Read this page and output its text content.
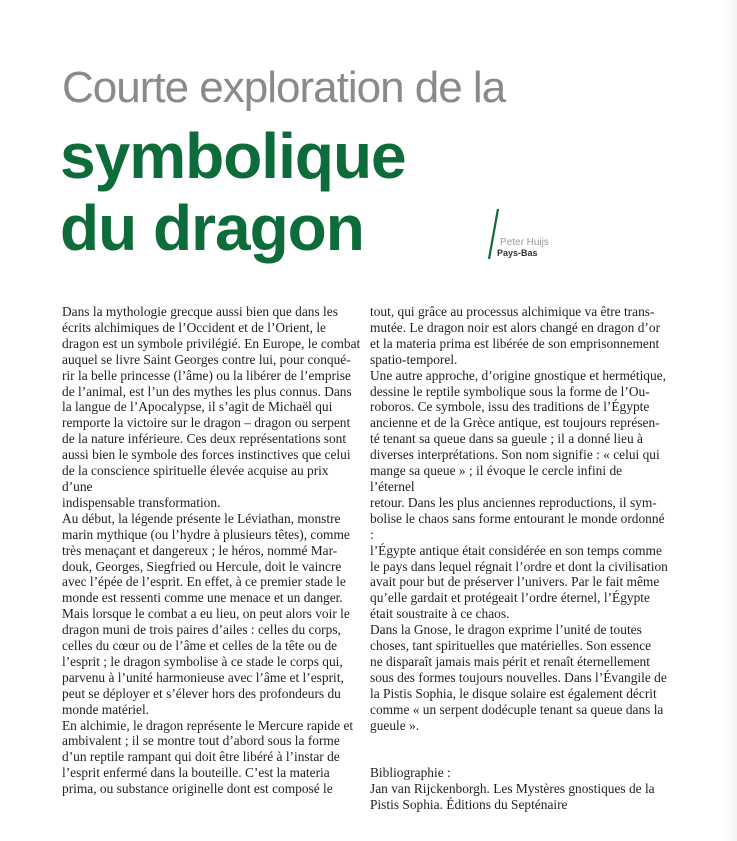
Courte exploration de la
symbolique
du dragon	Peter Huijs
Pays-Bas

Dans la mythologie grecque aussi bien que dans les
écrits alchimiques de l’Occident et de l’Orient, le
dragon est un symbole privilégié. En Europe, le combat
auquel se livre Saint Georges contre lui, pour conqué-
rir la belle princesse (l’âme) ou la libérer de l’emprise
de l’animal, est l’un des mythes les plus connus. Dans
la langue de l’Apocalypse, il s’agit de Michaël qui
remporte la victoire sur le dragon – dragon ou serpent
de la nature inférieure. Ces deux représentations sont
aussi bien le symbole des forces instinctives que celui
de la conscience spirituelle élevée acquise au prix d’une
indispensable transformation.

Au début, la légende présente le Léviathan, monstre
marin mythique (ou l’hydre à plusieurs têtes), comme
très menaçant et dangereux ; le héros, nommé Mar-
douk, Georges, Siegfried ou Hercule, doit le vaincre
avec l’épée de l’esprit. En effet, à ce premier stade le
monde est ressenti comme une menace et un danger.

Mais lorsque le combat a eu lieu, on peut alors voir le
dragon muni de trois paires d’ailes : celles du corps,
celles du cœur ou de l’âme et celles de la tête ou de
l’esprit ; le dragon symbolise à ce stade le corps qui,
parvenu à l’unité harmonieuse avec l’âme et l’esprit,
peut se déployer et s’élever hors des profondeurs du
monde matériel.

En alchimie, le dragon représente le Mercure rapide et
ambivalent ; il se montre tout d’abord sous la forme
d’un reptile rampant qui doit être libéré à l’instar de
l’esprit enfermé dans la bouteille. C’est la materia
prima, ou substance originelle dont est composé le

tout, qui grâce au processus alchimique va être trans-
mutée. Le dragon noir est alors changé en dragon d’or
et la materia prima est libérée de son emprisonnement
spatio-temporel.

Une autre approche, d’origine gnostique et hermétique,
dessine le reptile symbolique sous la forme de l’Ou-
roboros. Ce symbole, issu des traditions de l’Égypte
ancienne et de la Grèce antique, est toujours représen-
té tenant sa queue dans sa gueule ; il a donné lieu à
diverses interprétations. Son nom signifie : « celui qui
mange sa queue » ; il évoque le cercle infini de l’éternel
retour. Dans les plus anciennes reproductions, il sym-
bolise le chaos sans forme entourant le monde ordonné :
l’Égypte antique était considérée en son temps comme
le pays dans lequel régnait l’ordre et dont la civilisation
avait pour but de préserver l’univers. Par le fait même
qu’elle gardait et protégeait l’ordre éternel, l’Égypte
était soustraite à ce chaos.

Dans la Gnose, le dragon exprime l’unité de toutes
choses, tant spirituelles que matérielles. Son essence
ne disparaît jamais mais périt et renaît éternellement
sous des formes toujours nouvelles. Dans l’Évangile de
la Pistis Sophia, le disque solaire est également décrit
comme « un serpent dodécuple tenant sa queue dans la
gueule ».

Bibliographie :

Jan van Rijckenborgh. Les Mystères gnostiques de la
Pistis Sophia. Éditions du Septénaire
